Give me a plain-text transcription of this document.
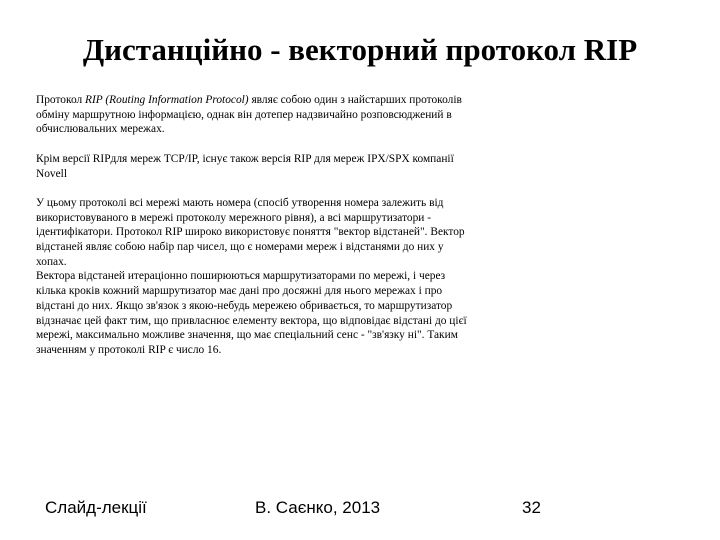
Дистанційно - векторний протокол RIP

Протокол RIP (Routing Information Protocol) являє собою один з найстарших протоколів обміну маршрутною інформацією, однак він дотепер надзвичайно розповсюджений в обчислювальних мережах.

Крім версії RIPдля мереж TCP/IP, існує також версія RIP для мереж IPX/SPX компанії Novell

У цьому протоколі всі мережі мають номера (спосіб утворення номера залежить від використовуваного в мережі протоколу мережного рівня), а всі маршрутизатори - ідентифікатори. Протокол RIP широко використовує поняття "вектор відстаней". Вектор відстаней являє собою набір пар чисел, що є номерами мереж і відстанями до них у хопах.

Вектора відстаней итераціонно поширюються маршрутизаторами по мережі, і через кілька кроків кожний маршрутизатор має дані про досяжні для нього мережах і про відстані до них. Якщо зв'язок з якою-небудь мережею обривається, то маршрутизатор відзначає цей факт тим, що привласнює елементу вектора, що відповідає відстані до цієї мережі, максимально можливе значення, що має спеціальний сенс - "зв'язку ні". Таким значенням у протоколі RIP є число 16.

Слайд-лекції	В. Саєнко, 2013	32
